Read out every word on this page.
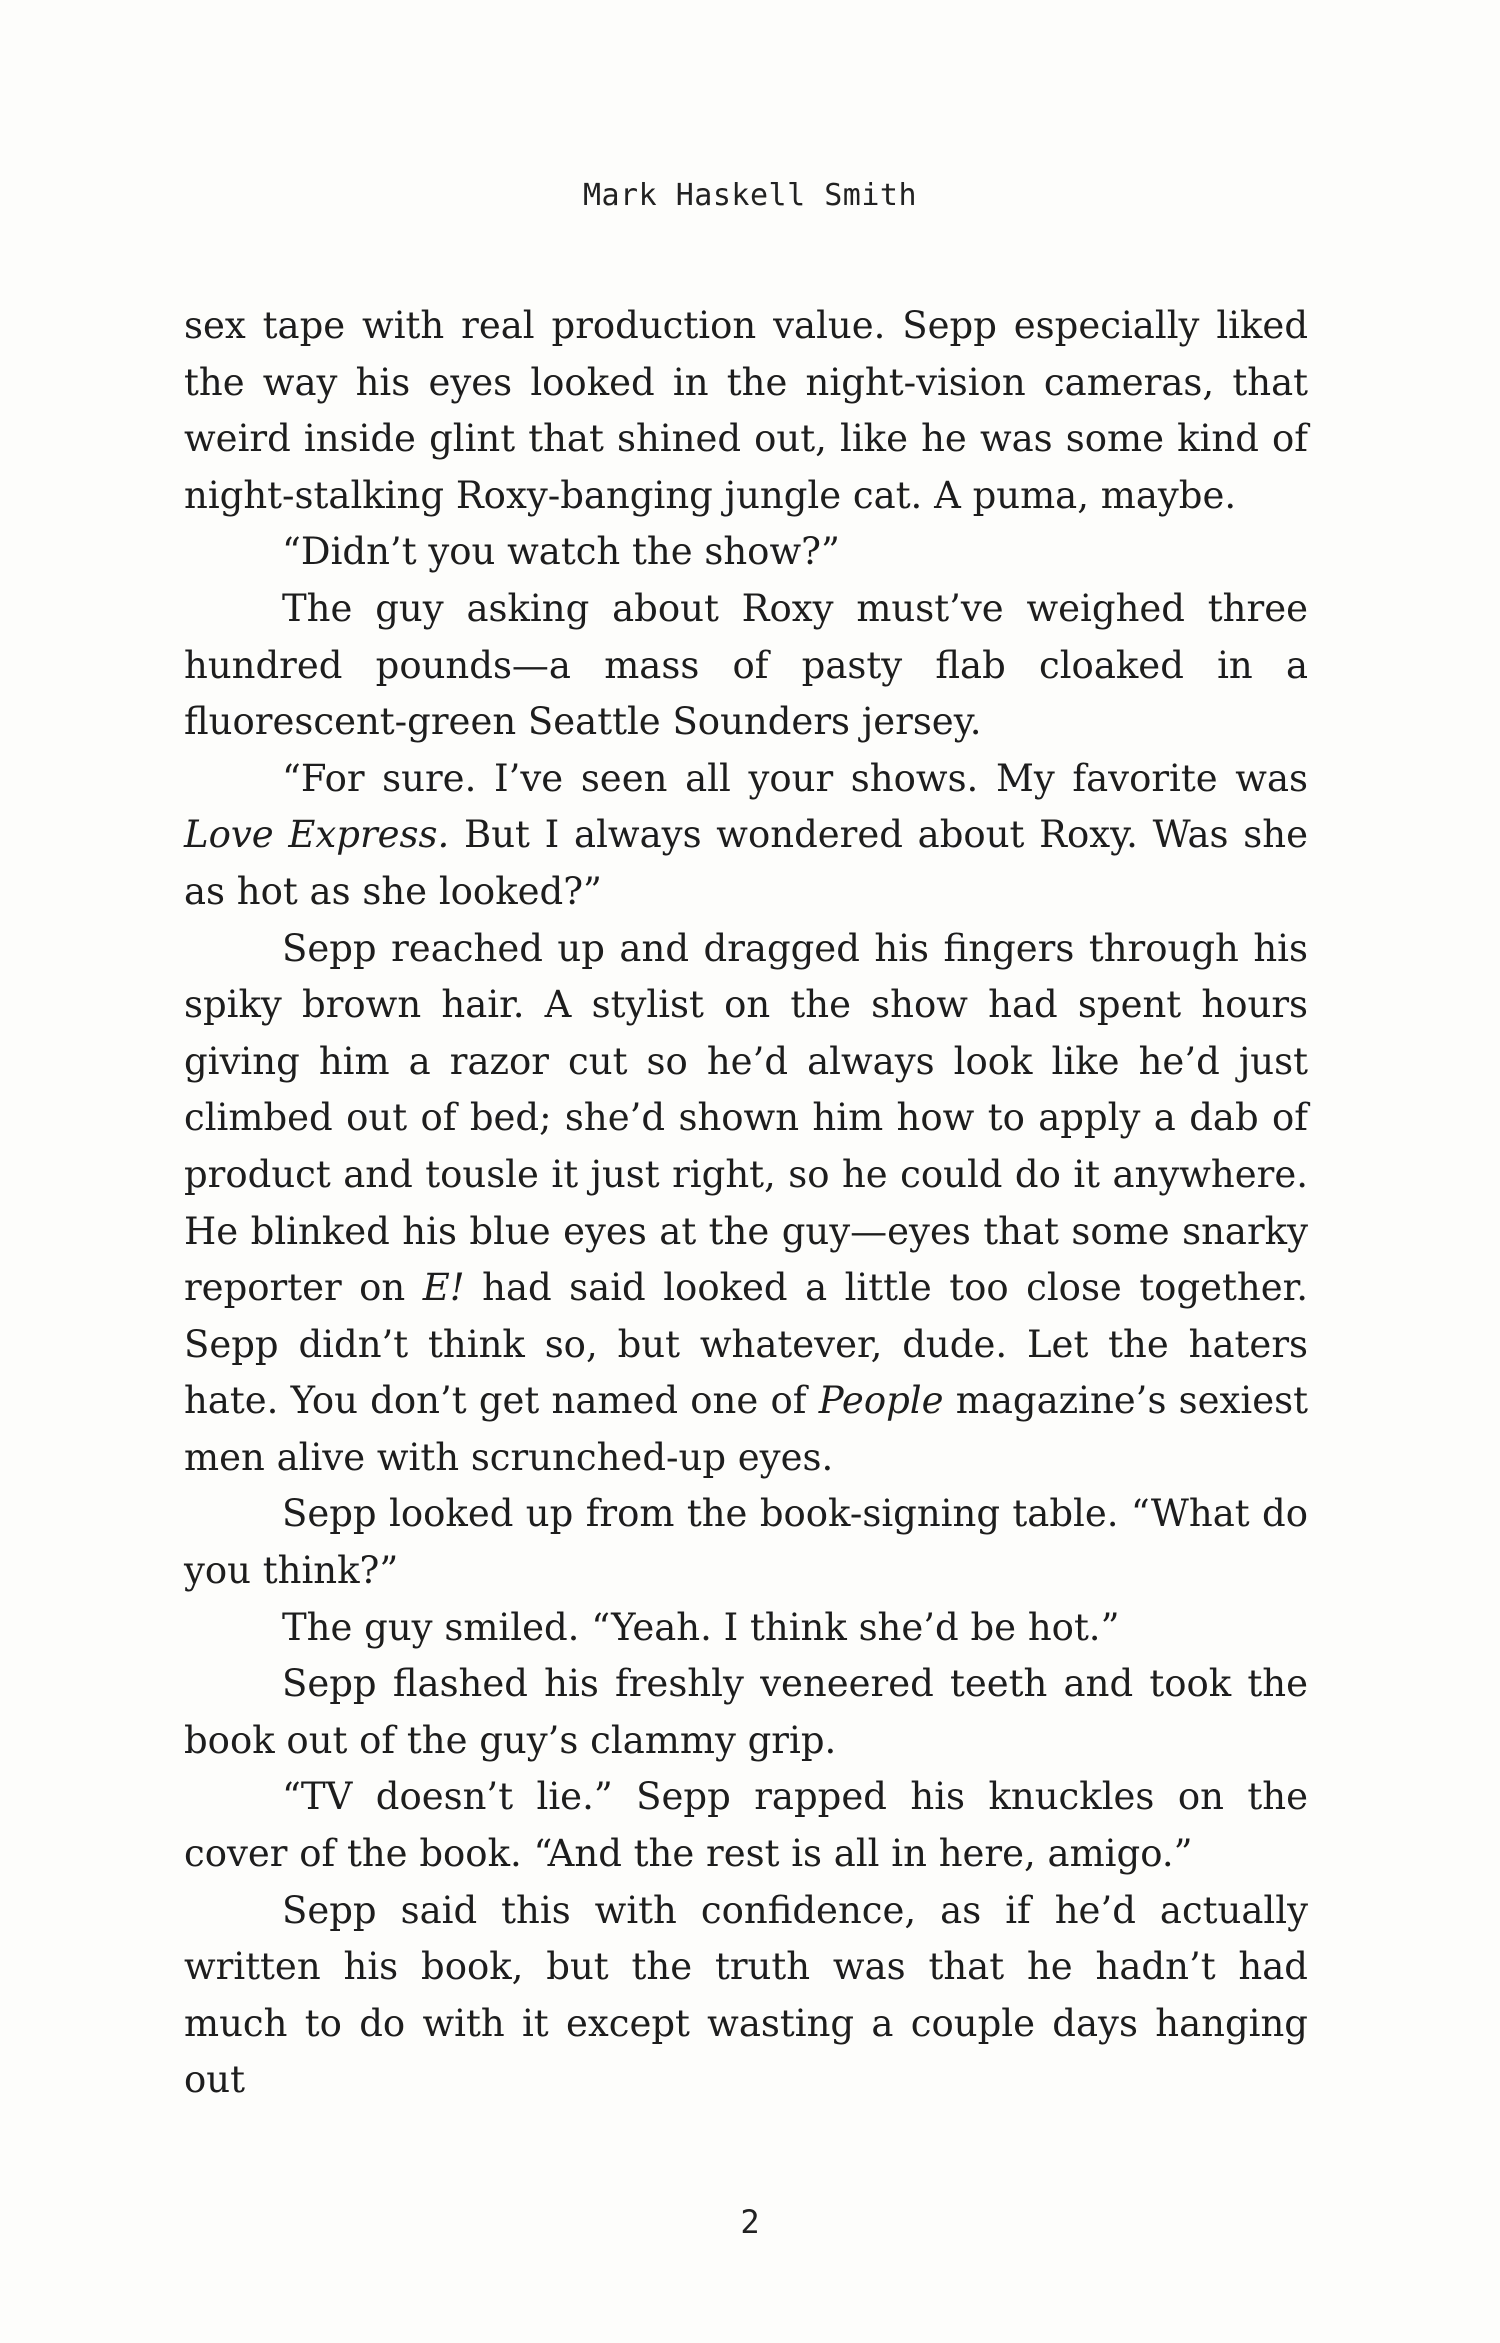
Mark Haskell Smith

sex tape with real production value. Sepp especially liked the way his eyes looked in the night-vision cameras, that weird inside glint that shined out, like he was some kind of night-stalking Roxy-banging jungle cat. A puma, maybe.

“Didn’t you watch the show?”

The guy asking about Roxy must’ve weighed three hundred pounds—a mass of pasty flab cloaked in a fluorescent-green Seattle Sounders jersey.

“For sure. I’ve seen all your shows. My favorite was Love Express. But I always wondered about Roxy. Was she as hot as she looked?”

Sepp reached up and dragged his fingers through his spiky brown hair. A stylist on the show had spent hours giving him a razor cut so he’d always look like he’d just climbed out of bed; she’d shown him how to apply a dab of product and tousle it just right, so he could do it anywhere. He blinked his blue eyes at the guy—eyes that some snarky reporter on E! had said looked a little too close together. Sepp didn’t think so, but whatever, dude. Let the haters hate. You don’t get named one of People magazine’s sexiest men alive with scrunched-up eyes.

Sepp looked up from the book-signing table. “What do you think?”

The guy smiled. “Yeah. I think she’d be hot.”

Sepp flashed his freshly veneered teeth and took the book out of the guy’s clammy grip.

“TV doesn’t lie.” Sepp rapped his knuckles on the cover of the book. “And the rest is all in here, amigo.”

Sepp said this with confidence, as if he’d actually written his book, but the truth was that he hadn’t had much to do with it except wasting a couple days hanging out

2
